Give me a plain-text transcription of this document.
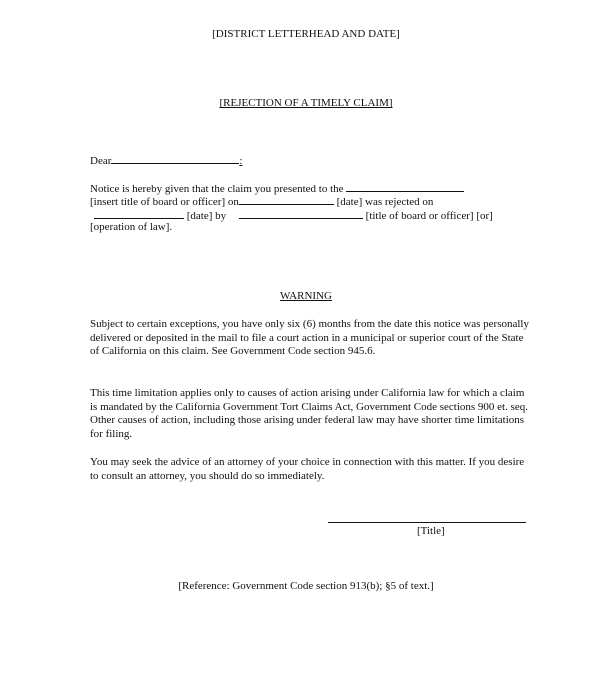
[DISTRICT LETTERHEAD AND DATE]
[REJECTION OF A TIMELY CLAIM]
Dear	:
Notice is hereby given that the claim you presented to the
[insert title of board or officer] on	[date] was rejected on
[date] by	[title of board or officer] [or]
[operation of law].
WARNING
Subject to certain exceptions, you have only six (6) months from the date this notice was personally delivered or deposited in the mail to file a court action in a municipal or superior court of the State of California on this claim. See Government Code section 945.6.
This time limitation applies only to causes of action arising under California law for which a claim is mandated by the California Government Tort Claims Act, Government Code sections 900 et. seq. Other causes of action, including those arising under federal law may have shorter time limitations for filing.
You may seek the advice of an attorney of your choice in connection with this matter. If you desire to consult an attorney, you should do so immediately.
[Title]
[Reference: Government Code section 913(b); §5 of text.]
